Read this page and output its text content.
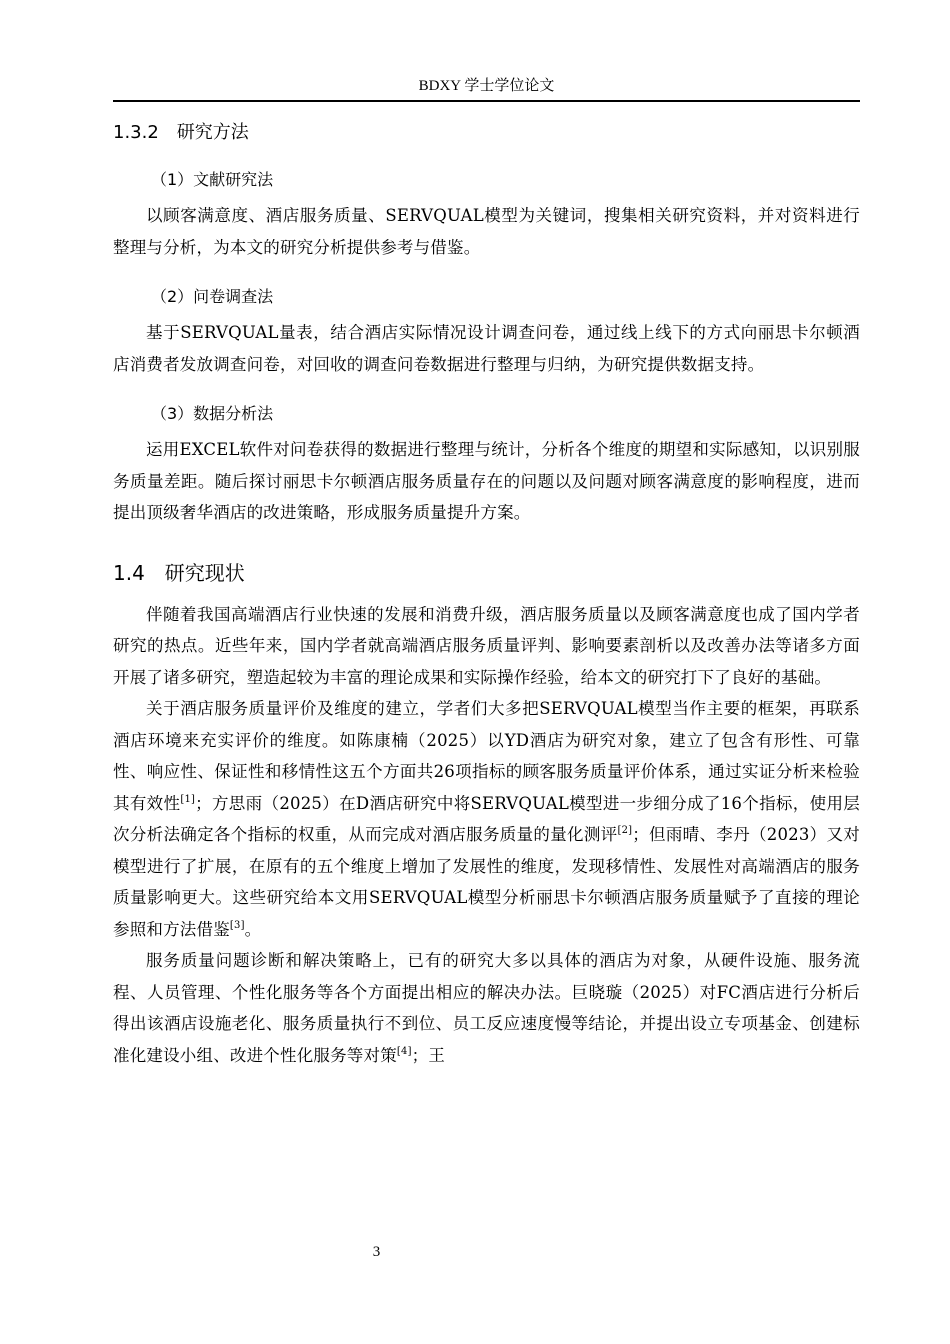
BDXY 学士学位论文
1.3.2　研究方法
（1）文献研究法

以顾客满意度、酒店服务质量、SERVQUAL模型为关键词，搜集相关研究资料，并对资料进行整理与分析，为本文的研究分析提供参考与借鉴。

（2）问卷调查法

基于SERVQUAL量表，结合酒店实际情况设计调查问卷，通过线上线下的方式向丽思卡尔顿酒店消费者发放调查问卷，对回收的调查问卷数据进行整理与归纳，为研究提供数据支持。

（3）数据分析法

运用EXCEL软件对问卷获得的数据进行整理与统计，分析各个维度的期望和实际感知，以识别服务质量差距。随后探讨丽思卡尔顿酒店服务质量存在的问题以及问题对顾客满意度的影响程度，进而提出顶级奢华酒店的改进策略，形成服务质量提升方案。

1.4　研究现状

伴随着我国高端酒店行业快速的发展和消费升级，酒店服务质量以及顾客满意度也成了国内学者研究的热点。近些年来，国内学者就高端酒店服务质量评判、影响要素剖析以及改善办法等诸多方面开展了诸多研究，塑造起较为丰富的理论成果和实际操作经验，给本文的研究打下了良好的基础。

关于酒店服务质量评价及维度的建立，学者们大多把SERVQUAL模型当作主要的框架，再联系酒店环境来充实评价的维度。如陈康楠（2025）以YD酒店为研究对象，建立了包含有形性、可靠性、响应性、保证性和移情性这五个方面共26项指标的顾客服务质量评价体系，通过实证分析来检验其有效性[1]；方思雨（2025）在D酒店研究中将SERVQUAL模型进一步细分成了16个指标，使用层次分析法确定各个指标的权重，从而完成对酒店服务质量的量化测评[2]；但雨晴、李丹（2023）又对模型进行了扩展，在原有的五个维度上增加了发展性的维度，发现移情性、发展性对高端酒店的服务质量影响更大。这些研究给本文用SERVQUAL模型分析丽思卡尔顿酒店服务质量赋予了直接的理论参照和方法借鉴[3]。

服务质量问题诊断和解决策略上，已有的研究大多以具体的酒店为对象，从硬件设施、服务流程、人员管理、个性化服务等各个方面提出相应的解决办法。巨晓璇（2025）对FC酒店进行分析后得出该酒店设施老化、服务质量执行不到位、员工反应速度慢等结论，并提出设立专项基金、创建标准化建设小组、改进个性化服务等对策[4]；王

3
